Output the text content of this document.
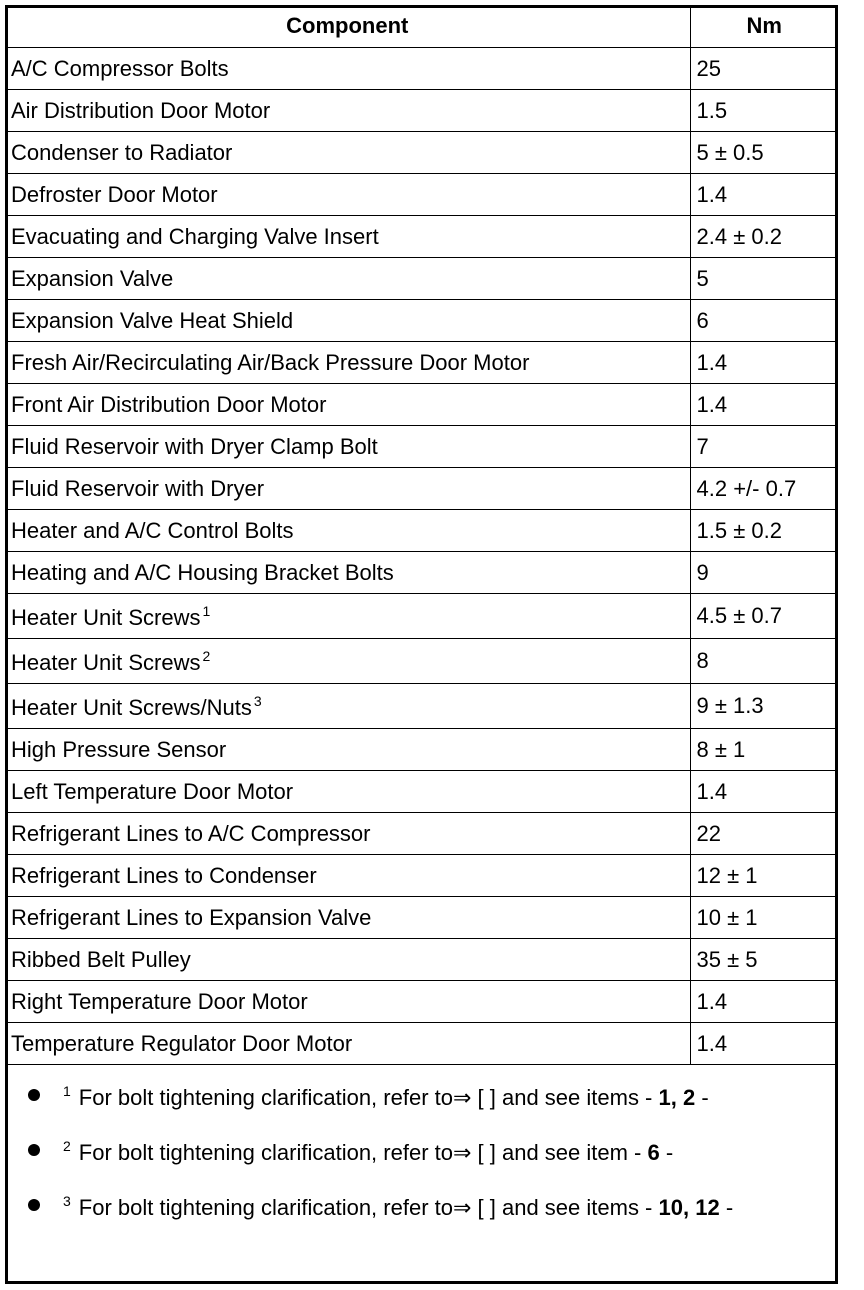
Component	Nm
A/C Compressor Bolts	25
Air Distribution Door Motor	1.5
Condenser to Radiator	5 ± 0.5
Defroster Door Motor	1.4
Evacuating and Charging Valve Insert	2.4 ± 0.2
Expansion Valve	5
Expansion Valve Heat Shield	6
Fresh Air/Recirculating Air/Back Pressure Door Motor	1.4
Front Air Distribution Door Motor	1.4
Fluid Reservoir with Dryer Clamp Bolt	7
Fluid Reservoir with Dryer	4.2 +/- 0.7
Heater and A/C Control Bolts	1.5 ± 0.2
Heating and A/C Housing Bracket Bolts	9
Heater Unit Screws $^1$	4.5 ± 0.7
Heater Unit Screws $^2$	8
Heater Unit Screws/Nuts $^3$	9 ± 1.3
High Pressure Sensor	8 ± 1
Left Temperature Door Motor	1.4
Refrigerant Lines to A/C Compressor	22
Refrigerant Lines to Condenser	12 ± 1
Refrigerant Lines to Expansion Valve	10 ± 1
Ribbed Belt Pulley	35 ± 5
Right Temperature Door Motor	1.4
Temperature Regulator Door Motor	1.4
$^1$ For bolt tightening clarification, refer to⇒ [ ] and see items - 1, 2 -
$^2$ For bolt tightening clarification, refer to⇒ [ ] and see item - 6 -
$^3$ For bolt tightening clarification, refer to⇒ [ ] and see items - 10, 12 -
